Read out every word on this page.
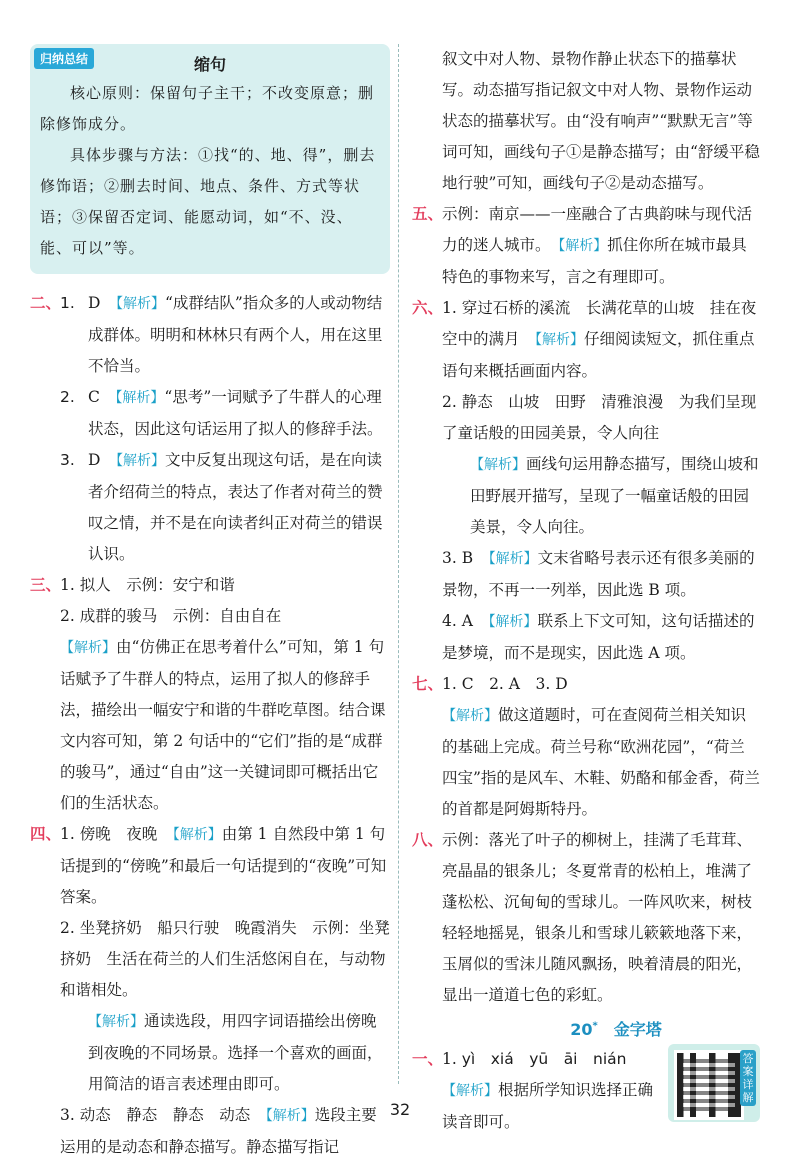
归纳总结	缩句

核心原则：保留句子主干；不改变原意；删除修饰成分。

具体步骤与方法：①找“的、地、得”，删去修饰语；②删去时间、地点、条件、方式等状语；③保留否定词、能愿动词，如“不、没、能、可以”等。

二、
1. D　 【解析】“成群结队”指众多的人或动物结成群体。明明和林林只有两个人，用在这里不恰当。
2. C　 【解析】“思考”一词赋予了牛群人的心理状态，因此这句话运用了拟人的修辞手法。
3. D　 【解析】文中反复出现这句话，是在向读者介绍荷兰的特点，表达了作者对荷兰的赞叹之情，并不是在向读者纠正对荷兰的错误认识。
三、
1. 拟人　示例：安宁和谐
2. 成群的骏马　示例：自由自在
【解析】由“仿佛正在思考着什么”可知，第 1 句话赋予了牛群人的特点，运用了拟人的修辞手法，描绘出一幅安宁和谐的牛群吃草图。结合课文内容可知，第 2 句话中的“它们”指的是“成群的骏马”，通过“自由”这一关键词即可概括出它们的生活状态。
四、
1. 傍晚　夜晚　 【解析】由第 1 自然段中第 1 句话提到的“傍晚”和最后一句话提到的“夜晚”可知答案。
2. 坐凳挤奶　船只行驶　晚霞消失　示例：坐凳挤奶　生活在荷兰的人们生活悠闲自在，与动物和谐相处。
【解析】通读选段，用四字词语描绘出傍晚到夜晚的不同场景。选择一个喜欢的画面，用简洁的语言表述理由即可。
3. 动态　静态　静态　动态　 【解析】选段主要运用的是动态和静态描写。静态描写指记
叙文中对人物、景物作静止状态下的描摹状写。动态描写指记叙文中对人物、景物作运动状态的描摹状写。由“没有响声”“默默无言”等词可知，画线句子①是静态描写；由“舒缓平稳地行驶”可知，画线句子②是动态描写。
五、
示例：南京——一座融合了古典韵味与现代活力的迷人城市。　 【解析】抓住你所在城市最具特色的事物来写，言之有理即可。
六、
1. 穿过石桥的溪流　长满花草的山坡　挂在夜空中的满月　 【解析】仔细阅读短文，抓住重点语句来概括画面内容。
2. 静态　山坡　田野　清雅浪漫　为我们呈现了童话般的田园美景，令人向往
【解析】画线句运用静态描写，围绕山坡和田野展开描写，呈现了一幅童话般的田园美景，令人向往。
3. B　 【解析】文末省略号表示还有很多美丽的景物，不再一一列举，因此选 B 项。
4. A　 【解析】联系上下文可知，这句话描述的是梦境，而不是现实，因此选 A 项。
七、
1. C　2. A　3. D
【解析】做这道题时，可在查阅荷兰相关知识的基础上完成。荷兰号称“欧洲花园”，“荷兰四宝”指的是风车、木鞋、奶酪和郁金香，荷兰的首都是阿姆斯特丹。
八、
示例：落光了叶子的柳树上，挂满了毛茸茸、亮晶晶的银条儿；冬夏常青的松柏上，堆满了蓬松松、沉甸甸的雪球儿。一阵风吹来，树枝轻轻地摇晃，银条儿和雪球儿簌簌地落下来，玉屑似的雪沫儿随风飘扬，映着清晨的阳光，显出一道道七色的彩虹。
20*　 金字塔
一、
1. yì　xiá　yū　āi　nián
【解析】根据所学知识选择正确读音即可。
答案详解
32
